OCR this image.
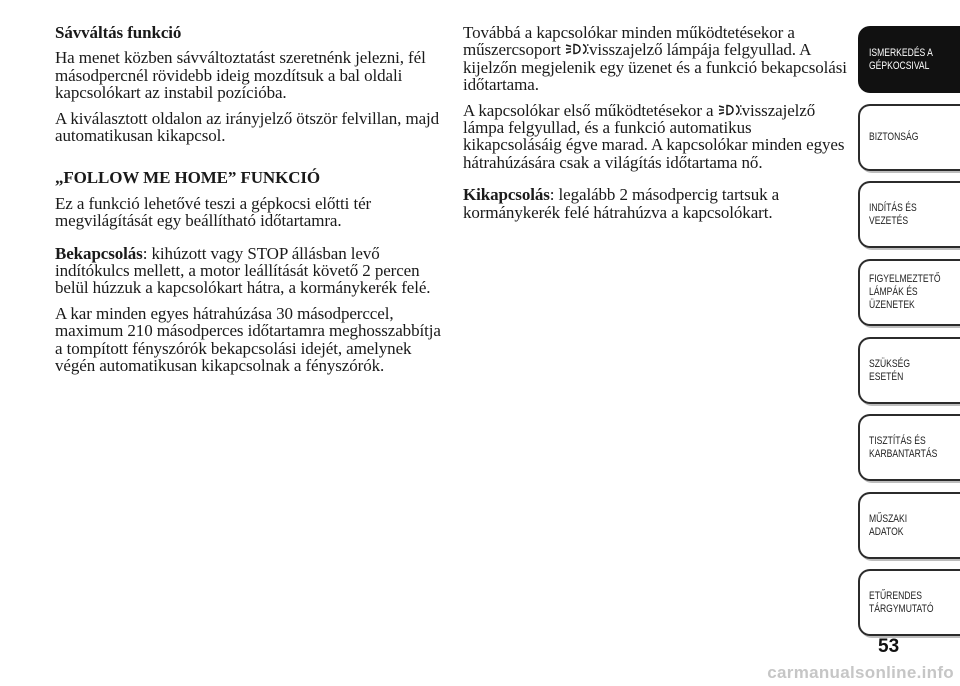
Sávváltás funkció

Ha menet közben sávváltoztatást szeretnénk jelezni, fél másodpercnél rövidebb ideig mozdítsuk a bal oldali kapcsolókart az instabil pozícióba.

A kiválasztott oldalon az irányjelző ötször felvillan, majd automatikusan kikapcsol.

„FOLLOW ME HOME” FUNKCIÓ

Ez a funkció lehetővé teszi a gépkocsi előtti tér megvilágítását egy beállítható időtartamra.

Bekapcsolás: kihúzott vagy STOP állásban levő indítókulcs mellett, a motor leállítását követő 2 percen belül húzzuk a kapcsolókart hátra, a kormánykerék felé.

A kar minden egyes hátrahúzása 30 másodperccel, maximum 210 másodperces időtartamra meghosszabbítja a tompított fényszórók bekapcsolási idejét, amelynek végén automatikusan kikapcsolnak a fényszórók.

Továbbá a kapcsolókar minden működtetésekor a műszercsoport visszajelző lámpája felgyullad. A kijelzőn megjelenik egy üzenet és a funkció bekapcsolási időtartama.

A kapcsolókar első működtetésekor a visszajelző lámpa felgyullad, és a funkció automatikus kikapcsolásáig égve marad. A kapcsolókar minden egyes hátrahúzására csak a világítás időtartama nő.

Kikapcsolás: legalább 2 másodpercig tartsuk a kormánykerék felé hátrahúzva a kapcsolókart.

ISMERKEDÉS A
GÉPKOCSIVAL
BIZTONSÁG
INDÍTÁS ÉS
VEZETÉS
FIGYELMEZTETŐ
LÁMPÁK ÉS
ÜZENETEK
SZÜKSÉG ESETÉN
TISZTÍTÁS ÉS
KARBANTARTÁS
MŰSZAKI ADATOK
ETŰRENDES
TÁRGYMUTATÓ
53
carmanualsonline.info
